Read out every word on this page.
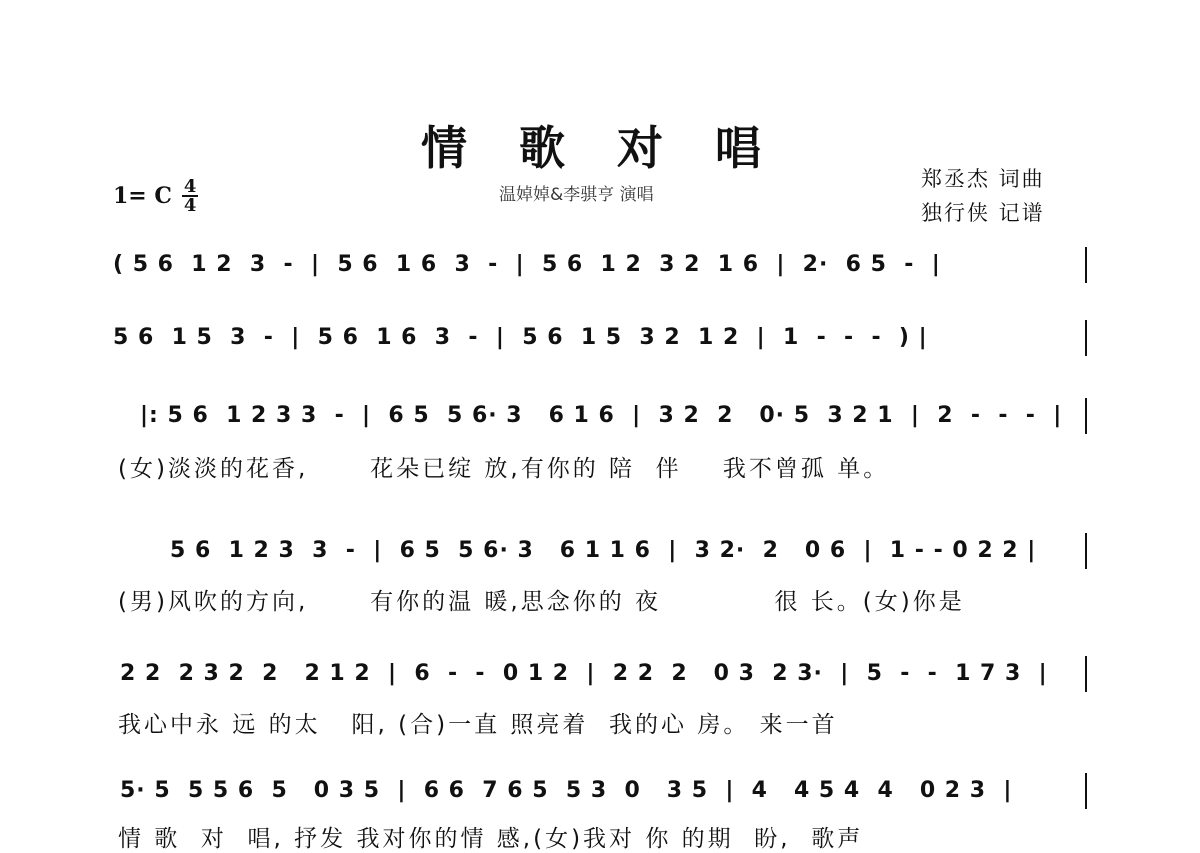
情 歌 对 唱
1= C $\frac{4}{4}$	温婥婥&李骐亨 演唱
郑丞杰 词曲
独行侠 记谱
( 5 6  1 2  3  -  |  5 6  1 6  3  -  |  5 6  1 2  3 2  1 6  |  2·  6 5  -  |
5 6  1 5  3  -  |  5 6  1 6  3  -  |  5 6  1 5  3 2  1 2  |  1  -  -  -  ) |
|: 5 6  1 2 3 3  -  |  6 5  5 6· 3   6 1 6  |  3 2  2   0· 5  3 2 1  |  2  -  -  -  |
(女)淡淡的花香,      花朵已绽 放,有你的 陪  伴    我不曾孤 单。
5 6  1 2 3  3  -  |  6 5  5 6· 3   6 1 1 6  |  3 2·  2   0 6  |  1 - - 0 2 2 |
(男)风吹的方向,      有你的温 暖,思念你的 夜           很 长。(女)你是
2 2  2 3 2  2   2 1 2  |  6  -  -  0 1 2  |  2 2  2   0 3  2 3·  |  5  -  -  1 7 3  |
我心中永 远 的太   阳, (合)一直 照亮着  我的心 房。 来一首
5· 5  5 5 6  5   0 3 5  |  6 6  7 6 5  5 3  0   3 5  |  4   4 5 4  4   0 2 3  |
情 歌  对  唱, 抒发 我对你的情 感,(女)我对 你 的期  盼,  歌声
